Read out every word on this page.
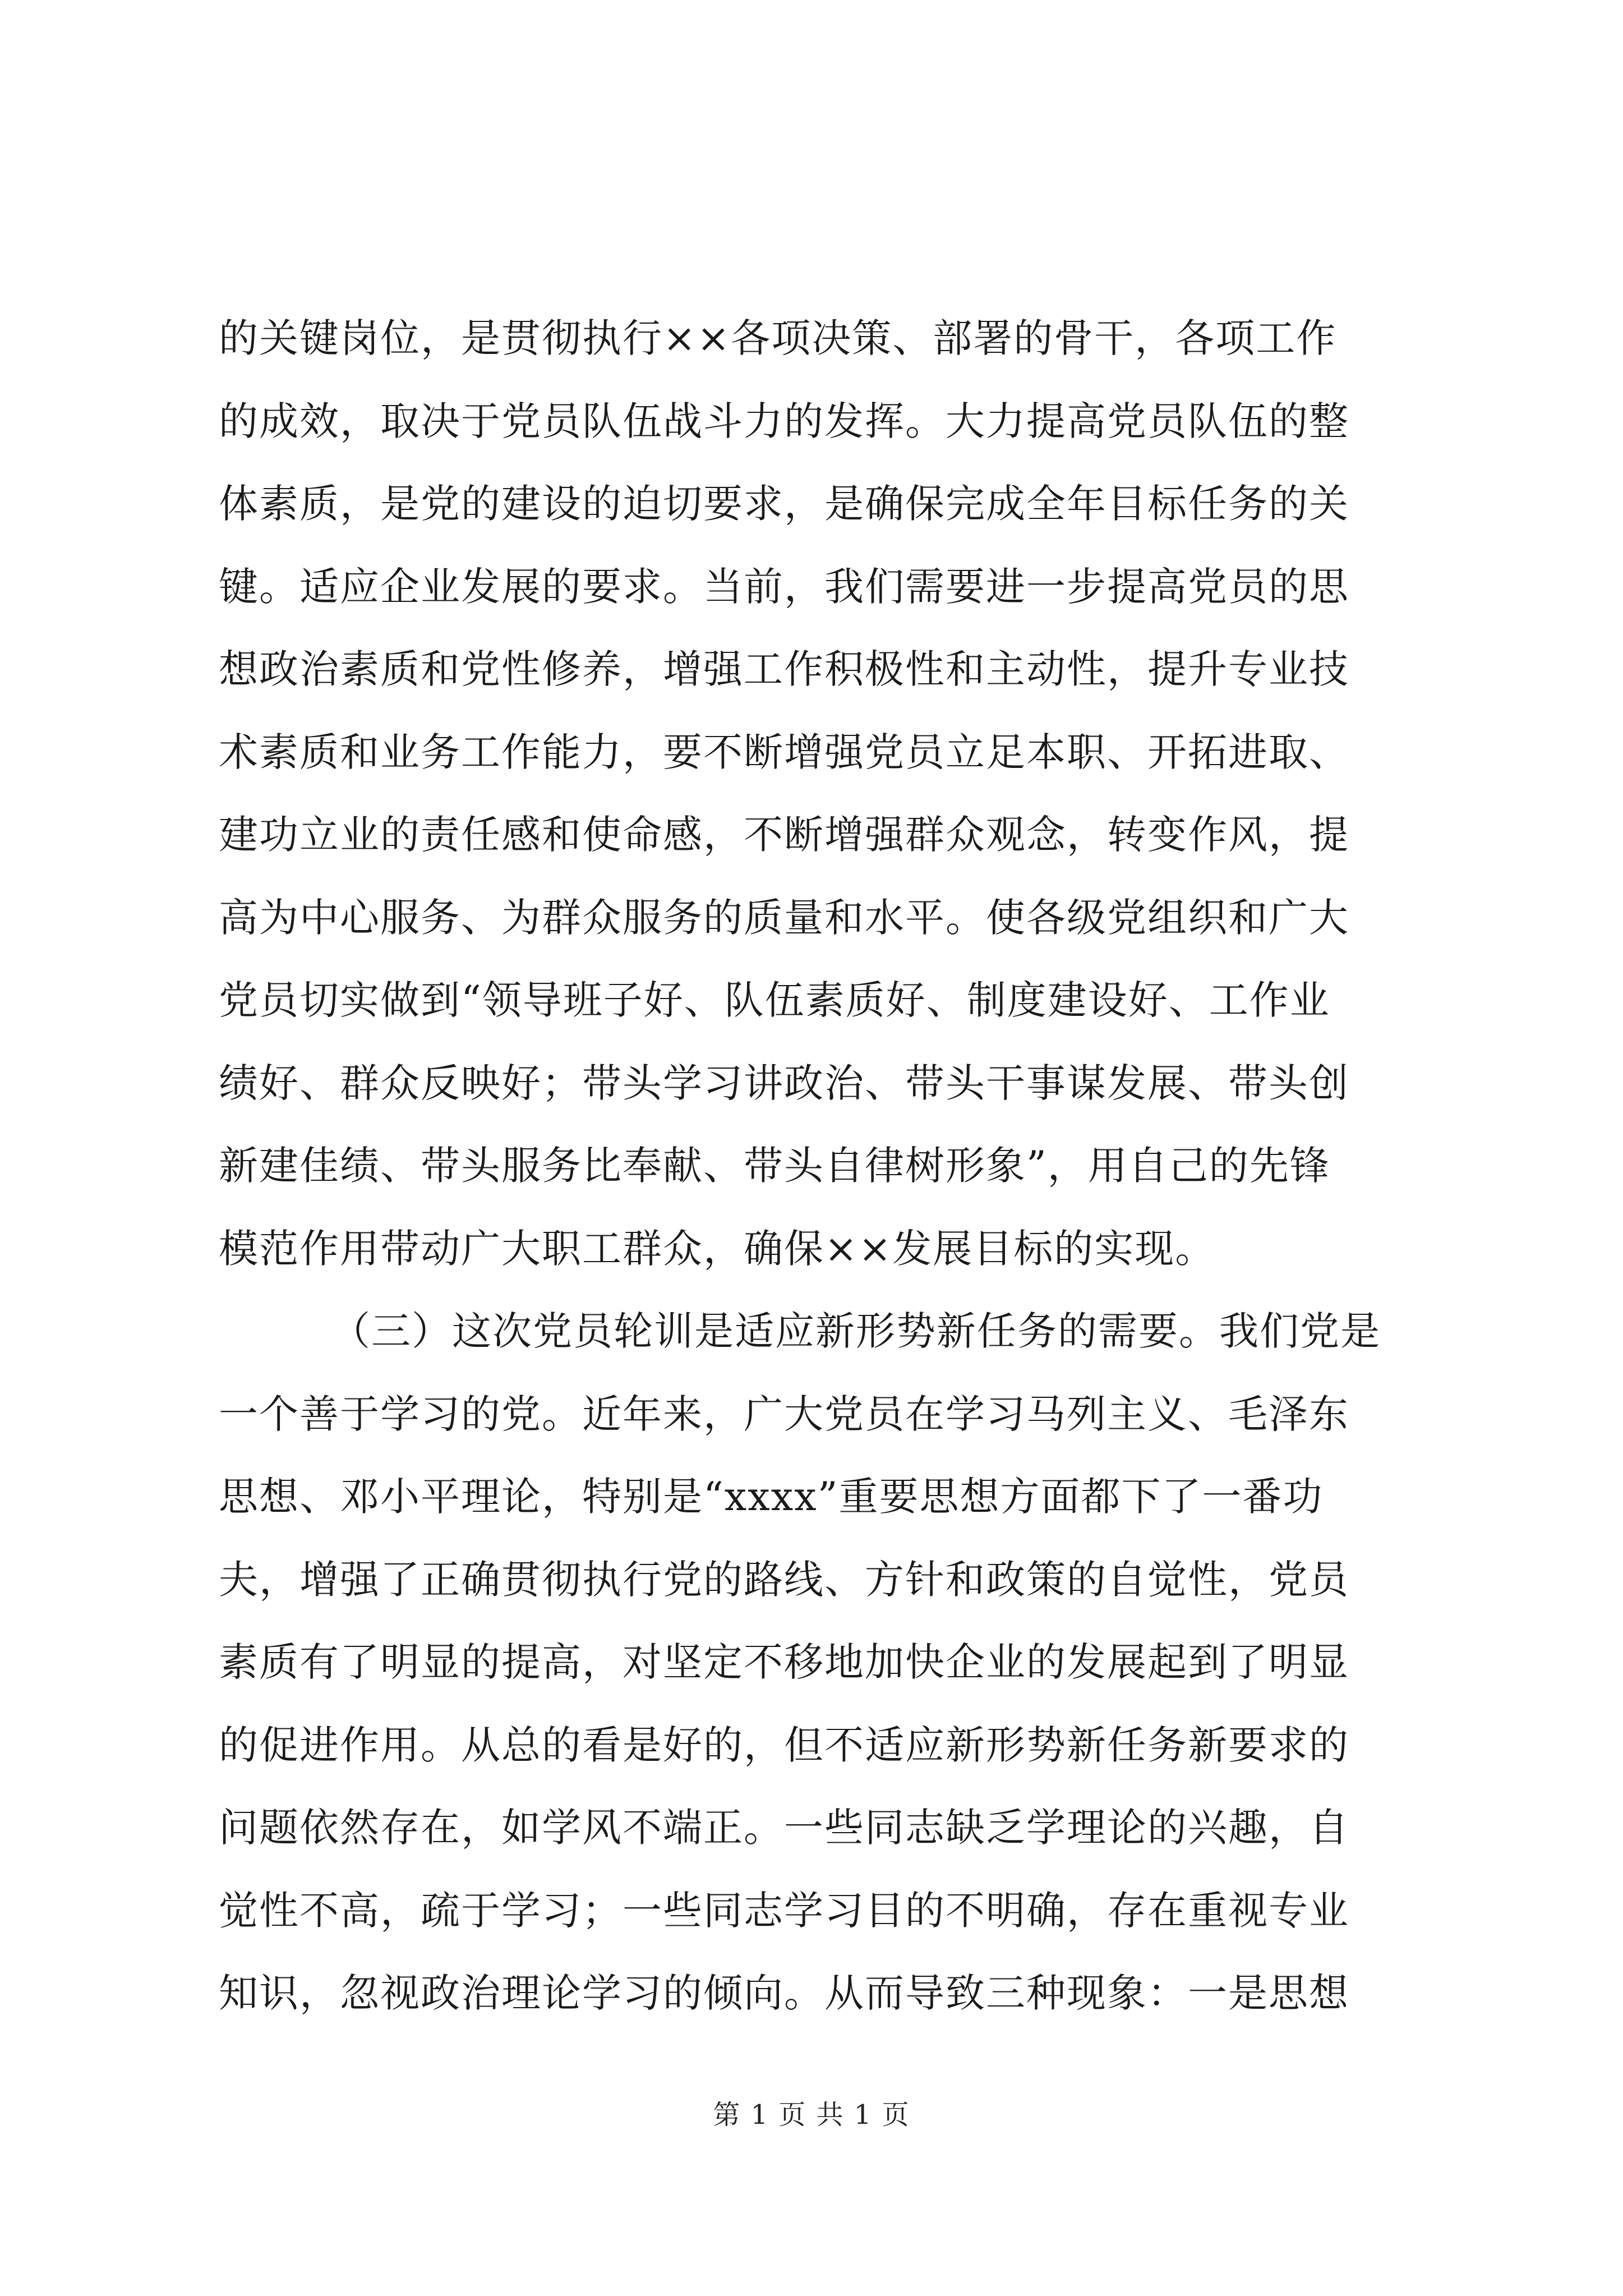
的关键岗位，是贯彻执行××各项决策、部署的骨干，各项工作
的成效，取决于党员队伍战斗力的发挥。大力提高党员队伍的整
体素质，是党的建设的迫切要求，是确保完成全年目标任务的关
键。适应企业发展的要求。当前，我们需要进一步提高党员的思
想政治素质和党性修养，增强工作积极性和主动性，提升专业技
术素质和业务工作能力，要不断增强党员立足本职、开拓进取、
建功立业的责任感和使命感，不断增强群众观念，转变作风，提
高为中心服务、为群众服务的质量和水平。使各级党组织和广大
党员切实做到“领导班子好、队伍素质好、制度建设好、工作业
绩好、群众反映好；带头学习讲政治、带头干事谋发展、带头创
新建佳绩、带头服务比奉献、带头自律树形象”，用自己的先锋
模范作用带动广大职工群众，确保××发展目标的实现。
（三）这次党员轮训是适应新形势新任务的需要。我们党是
一个善于学习的党。近年来，广大党员在学习马列主义、毛泽东
思想、邓小平理论，特别是“xxxx”重要思想方面都下了一番功
夫，增强了正确贯彻执行党的路线、方针和政策的自觉性，党员
素质有了明显的提高，对坚定不移地加快企业的发展起到了明显
的促进作用。从总的看是好的，但不适应新形势新任务新要求的
问题依然存在，如学风不端正。一些同志缺乏学理论的兴趣，自
觉性不高，疏于学习；一些同志学习目的不明确，存在重视专业
知识，忽视政治理论学习的倾向。从而导致三种现象：一是思想
第 1 页 共 1 页
